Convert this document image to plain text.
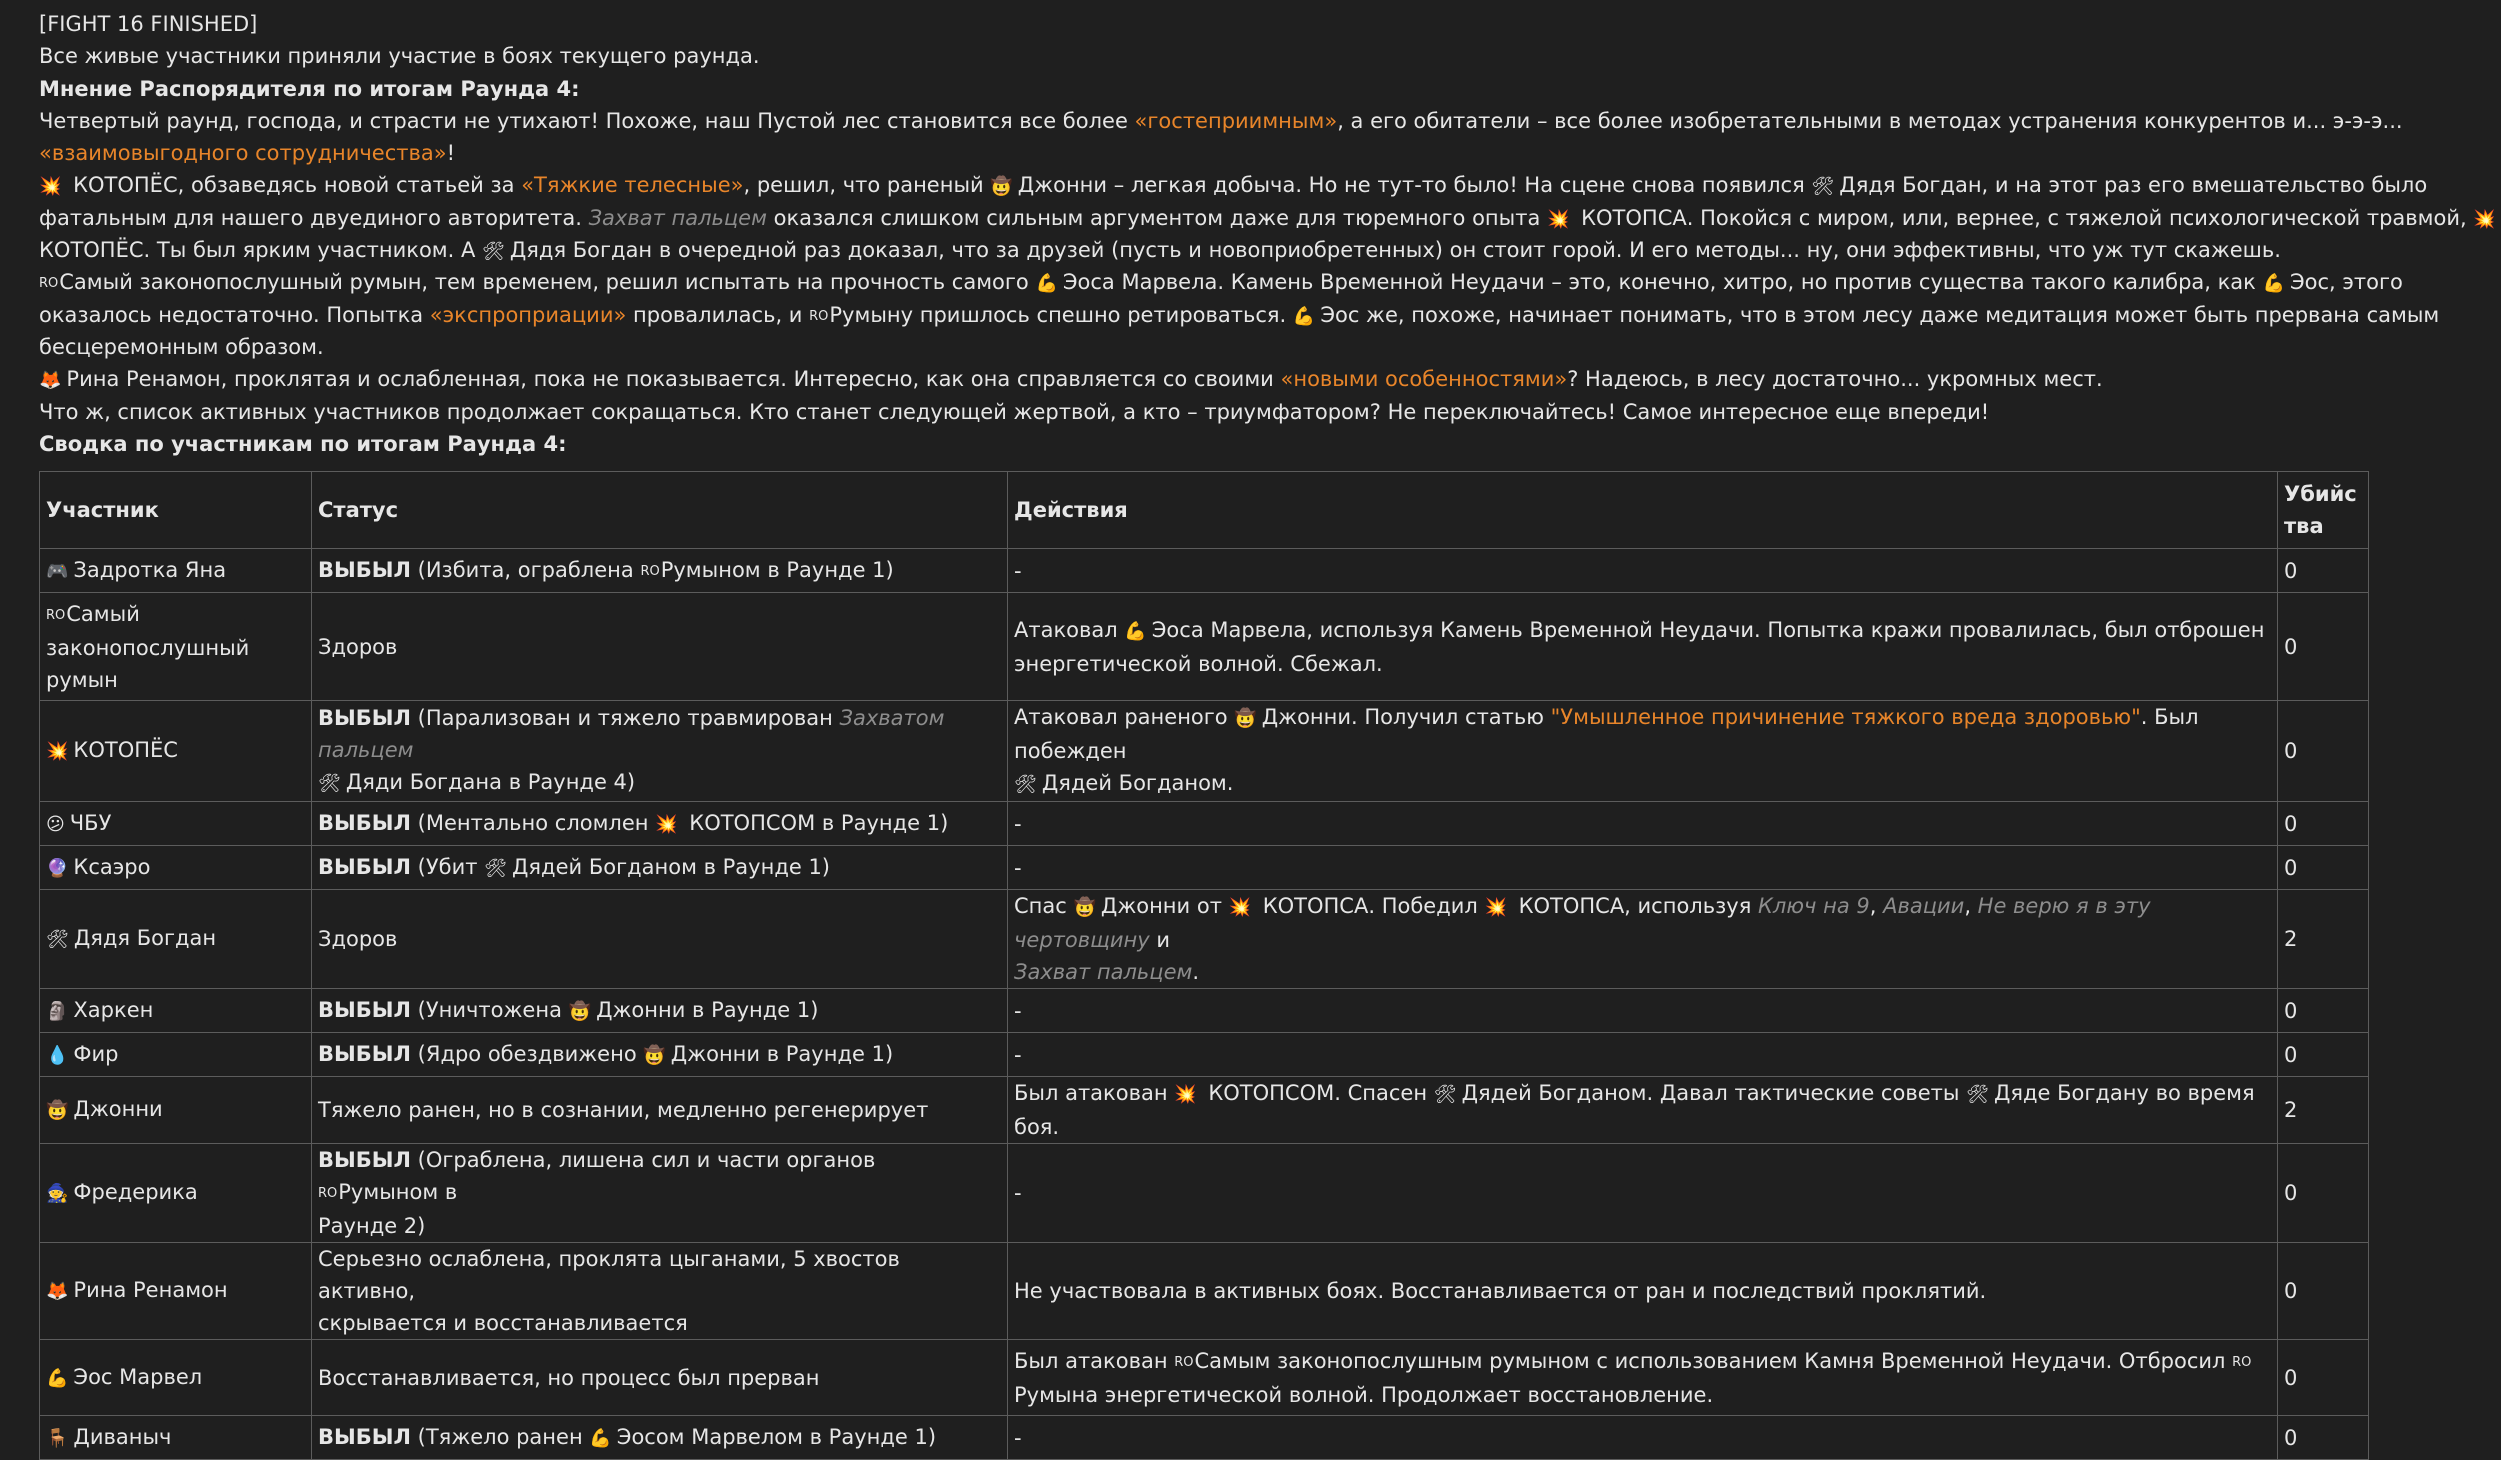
[FIGHT 16 FINISHED]
Все живые участники приняли участие в боях текущего раунда.
Мнение Распорядителя по итогам Раунда 4:
Четвертый раунд, господа, и страсти не утихают! Похоже, наш Пустой лес становится все более «гостеприимным», а его обитатели – все более изобретательными в методах устранения конкурентов и... э-э-э...
«взаимовыгодного сотрудничества»!
💥 КОТОПЁС, обзаведясь новой статьей за «Тяжкие телесные», решил, что раненый 🤠 Джонни – легкая добыча. Но не тут-то было! На сцене снова появился 🛠 Дядя Богдан, и на этот раз его вмешательство было
фатальным для нашего двуединого авторитета. Захват пальцем оказался слишком сильным аргументом даже для тюремного опыта 💥 КОТОПСА. Покойся с миром, или, вернее, с тяжелой психологической травмой, 💥
КОТОПЁС. Ты был ярким участником. А 🛠 Дядя Богдан в очередной раз доказал, что за друзей (пусть и новоприобретенных) он стоит горой. И его методы... ну, они эффективны, что уж тут скажешь.
ROСамый законопослушный румын, тем временем, решил испытать на прочность самого 💪 Эоса Марвела. Камень Временной Неудачи – это, конечно, хитро, но против существа такого калибра, как 💪 Эос, этого
оказалось недостаточно. Попытка «экспроприации» провалилась, и ROРумыну пришлось спешно ретироваться. 💪 Эос же, похоже, начинает понимать, что в этом лесу даже медитация может быть прервана самым
бесцеремонным образом.
🦊 Рина Ренамон, проклятая и ослабленная, пока не показывается. Интересно, как она справляется со своими «новыми особенностями»? Надеюсь, в лесу достаточно... укромных мест.
Что ж, список активных участников продолжает сокращаться. Кто станет следующей жертвой, а кто – триумфатором? Не переключайтесь! Самое интересное еще впереди!
Сводка по участникам по итогам Раунда 4:
Участник	Статус	Действия	Убийс
тва
🎮 Задротка Яна	ВЫБЫЛ (Избита, ограблена ROРумыном в Раунде 1)	-	0
ROСамый законопослушный румын	Здоров	Атаковал 💪 Эоса Марвела, используя Камень Временной Неудачи. Попытка кражи провалилась, был отброшен энергетической волной. Сбежал.	0
💥 КОТОПЁС	ВЫБЫЛ (Парализован и тяжело травмирован Захватом пальцем
🛠 Дяди Богдана в Раунде 4)	Атаковал раненого 🤠 Джонни. Получил статью "Умышленное причинение тяжкого вреда здоровью". Был побежден
🛠 Дядей Богданом.	0
😕 ЧБУ	ВЫБЫЛ (Ментально сломлен 💥 КОТОПСОМ в Раунде 1)	-	0
🔮 Ксаэро	ВЫБЫЛ (Убит 🛠 Дядей Богданом в Раунде 1)	-	0
🛠 Дядя Богдан	Здоров	Спас 🤠 Джонни от 💥 КОТОПСА. Победил 💥 КОТОПСА, используя Ключ на 9, Авации, Не верю я в эту чертовщину и
Захват пальцем.	2
🗿 Харкен	ВЫБЫЛ (Уничтожена 🤠 Джонни в Раунде 1)	-	0
💧 Фир	ВЫБЫЛ (Ядро обездвижено 🤠 Джонни в Раунде 1)	-	0
🤠 Джонни	Тяжело ранен, но в сознании, медленно регенерирует	Был атакован 💥 КОТОПСОМ. Спасен 🛠 Дядей Богданом. Давал тактические советы 🛠 Дяде Богдану во время боя.	2
🧙 Фредерика	ВЫБЫЛ (Ограблена, лишена сил и части органов ROРумыном в
Раунде 2)	-	0
🦊 Рина Ренамон	Серьезно ослаблена, проклята цыганами, 5 хвостов активно,
скрывается и восстанавливается	Не участвовала в активных боях. Восстанавливается от ран и последствий проклятий.	0
💪 Эос Марвел	Восстанавливается, но процесс был прерван	Был атакован ROСамым законопослушным румыном с использованием Камня Временной Неудачи. Отбросил RO
Румына энергетической волной. Продолжает восстановление.	0
🪑 Диваныч	ВЫБЫЛ (Тяжело ранен 💪 Эосом Марвелом в Раунде 1)	-	0
